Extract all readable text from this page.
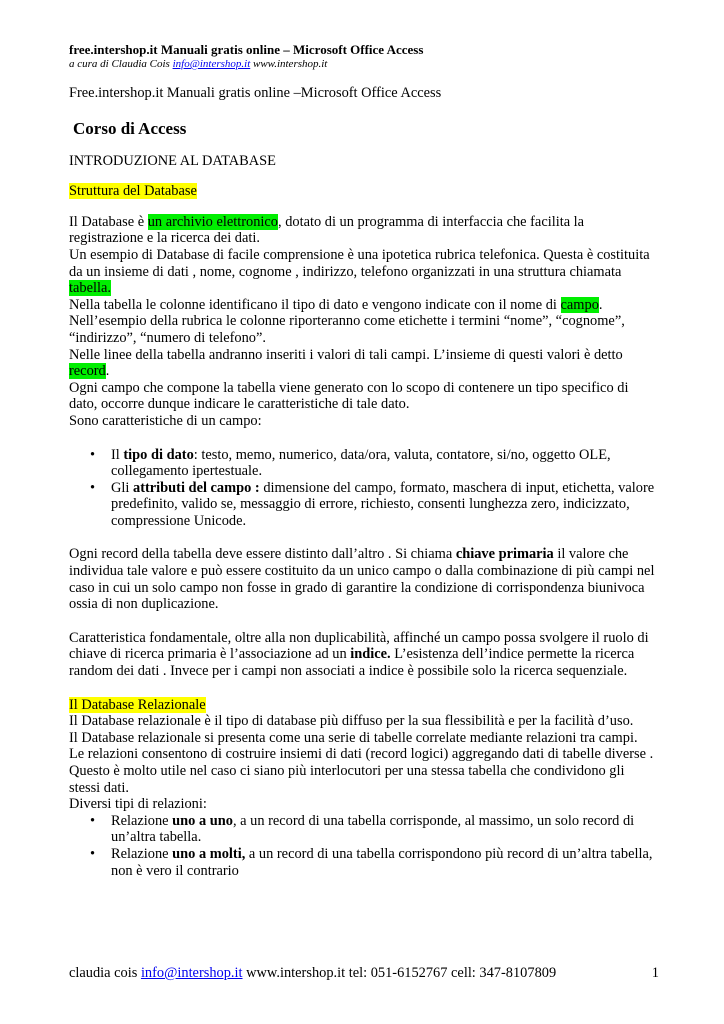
free.intershop.it Manuali gratis online – Microsoft Office Access
a cura di Claudia Cois info@intershop.it www.intershop.it
Free.intershop.it Manuali gratis online –Microsoft Office Access
Corso di Access
INTRODUZIONE AL DATABASE
Struttura del Database
Il Database è un archivio elettronico, dotato di un programma di interfaccia che facilita la registrazione e la ricerca dei dati.
Un esempio di Database di facile comprensione è una ipotetica rubrica telefonica. Questa è costituita da un insieme di dati , nome, cognome , indirizzo, telefono organizzati in una struttura chiamata tabella.
Nella tabella le colonne identificano il tipo di dato e vengono indicate con il nome di campo.
Nell’esempio della rubrica le colonne riporteranno come etichette i termini “nome”, “cognome”, “indirizzo”, “numero di telefono”.
Nelle linee della tabella andranno inseriti i valori di tali campi. L’insieme di questi valori è detto record.
Ogni campo che compone la tabella viene generato con lo scopo di contenere un tipo specifico di dato, occorre dunque indicare le caratteristiche di tale dato.
Sono caratteristiche di un campo:
• Il tipo di dato: testo, memo, numerico, data/ora, valuta, contatore, si/no, oggetto OLE, collegamento ipertestuale.
• Gli attributi del campo : dimensione del campo, formato, maschera di input, etichetta, valore predefinito, valido se, messaggio di errore, richiesto, consenti lunghezza zero, indicizzato, compressione Unicode.
Ogni record della tabella deve essere distinto dall’altro . Si chiama chiave primaria il valore che individua tale valore e può essere costituito da un unico campo o dalla combinazione di più campi nel caso in cui un solo campo non fosse in grado di garantire la condizione di corrispondenza biunivoca ossia di non duplicazione.
Caratteristica fondamentale, oltre alla non duplicabilità, affinché un campo possa svolgere il ruolo di chiave di ricerca primaria è l’associazione ad un indice. L’esistenza dell’indice permette la ricerca random dei dati . Invece per i campi non associati a indice è possibile solo la ricerca sequenziale.
Il Database Relazionale
Il Database relazionale è il tipo di database più diffuso per la sua flessibilità e per la facilità d’uso.
Il Database relazionale si presenta come una serie di tabelle correlate mediante relazioni tra campi.
Le relazioni consentono di costruire insiemi di dati (record logici) aggregando dati di tabelle diverse .
Questo è molto utile nel caso ci siano più interlocutori per una stessa tabella che condividono gli stessi dati.
Diversi tipi di relazioni:
• Relazione uno a uno, a un record di una tabella corrisponde, al massimo, un solo record di un’altra tabella.
• Relazione uno a molti, a un record di una tabella corrispondono più record di un’altra tabella, non è vero il contrario
claudia cois info@intershop.it www.intershop.it tel: 051-6152767 cell: 347-8107809	1
